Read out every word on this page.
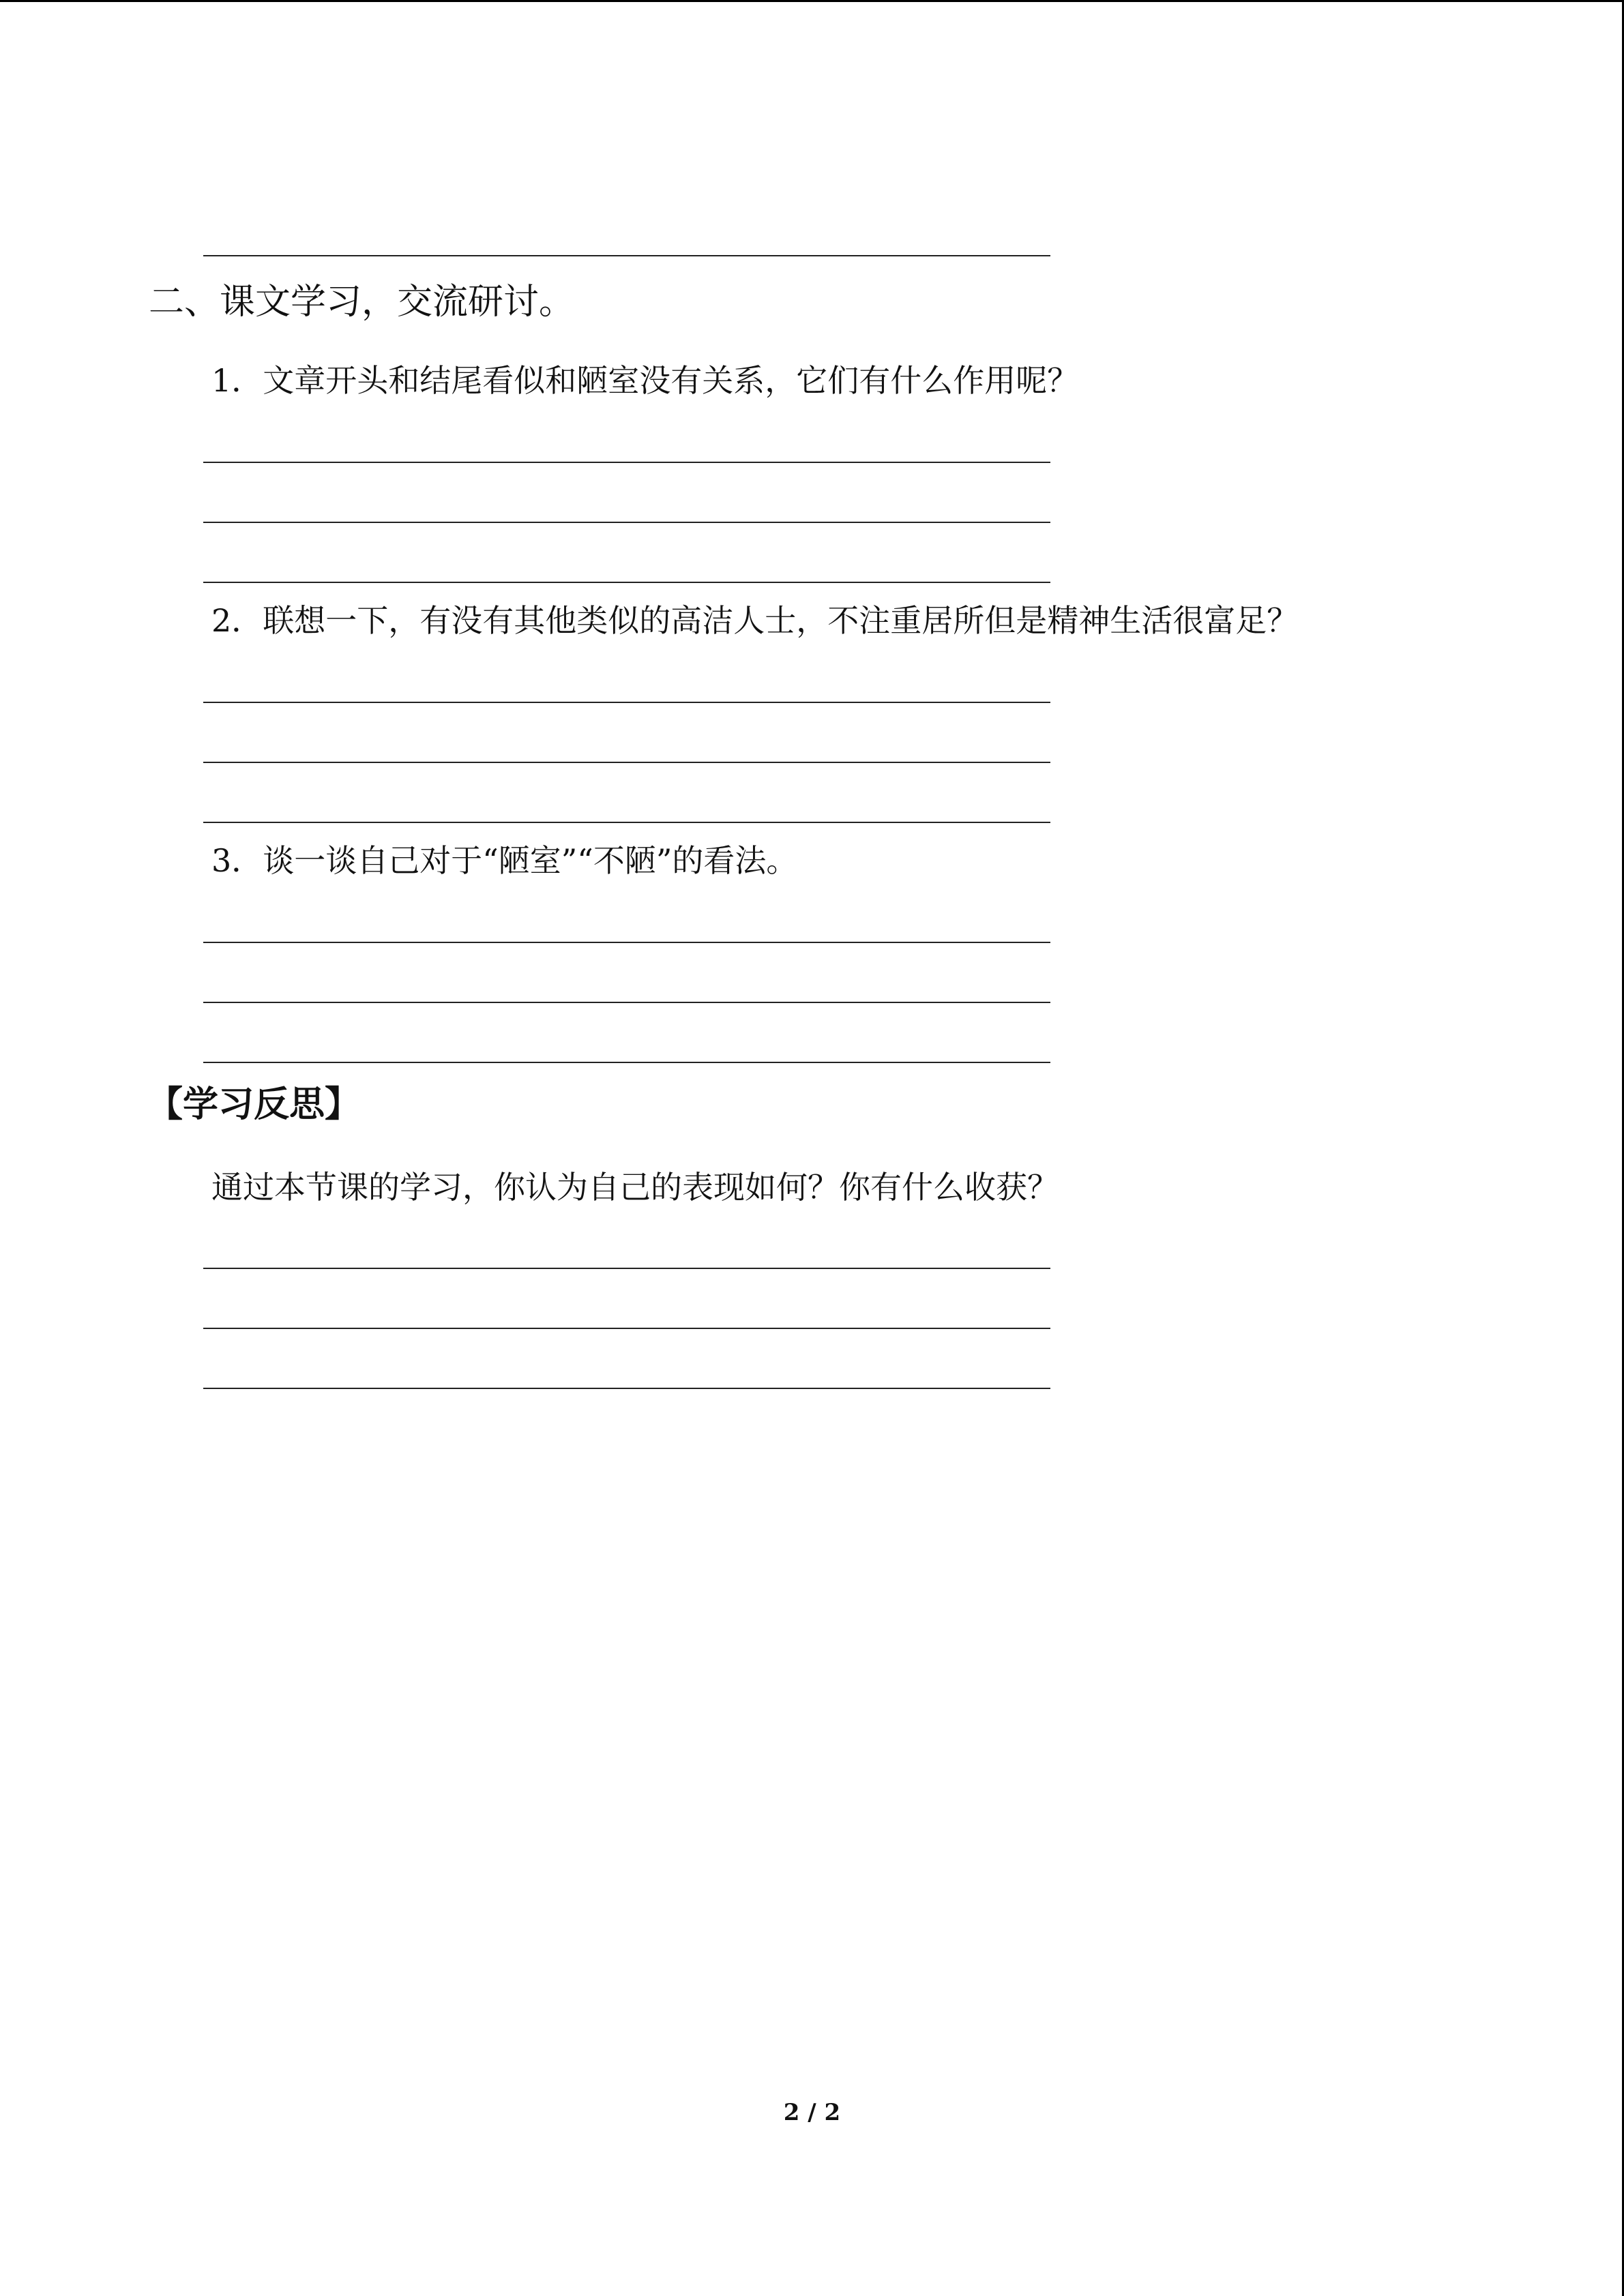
二、课文学习，交流研讨。
1．文章开头和结尾看似和陋室没有关系，它们有什么作用呢？
2．联想一下，有没有其他类似的高洁人士，不注重居所但是精神生活很富足？
3．谈一谈自己对于“陋室”“不陋”的看法。
【学习反思】
通过本节课的学习，你认为自己的表现如何？你有什么收获？
2 / 2
